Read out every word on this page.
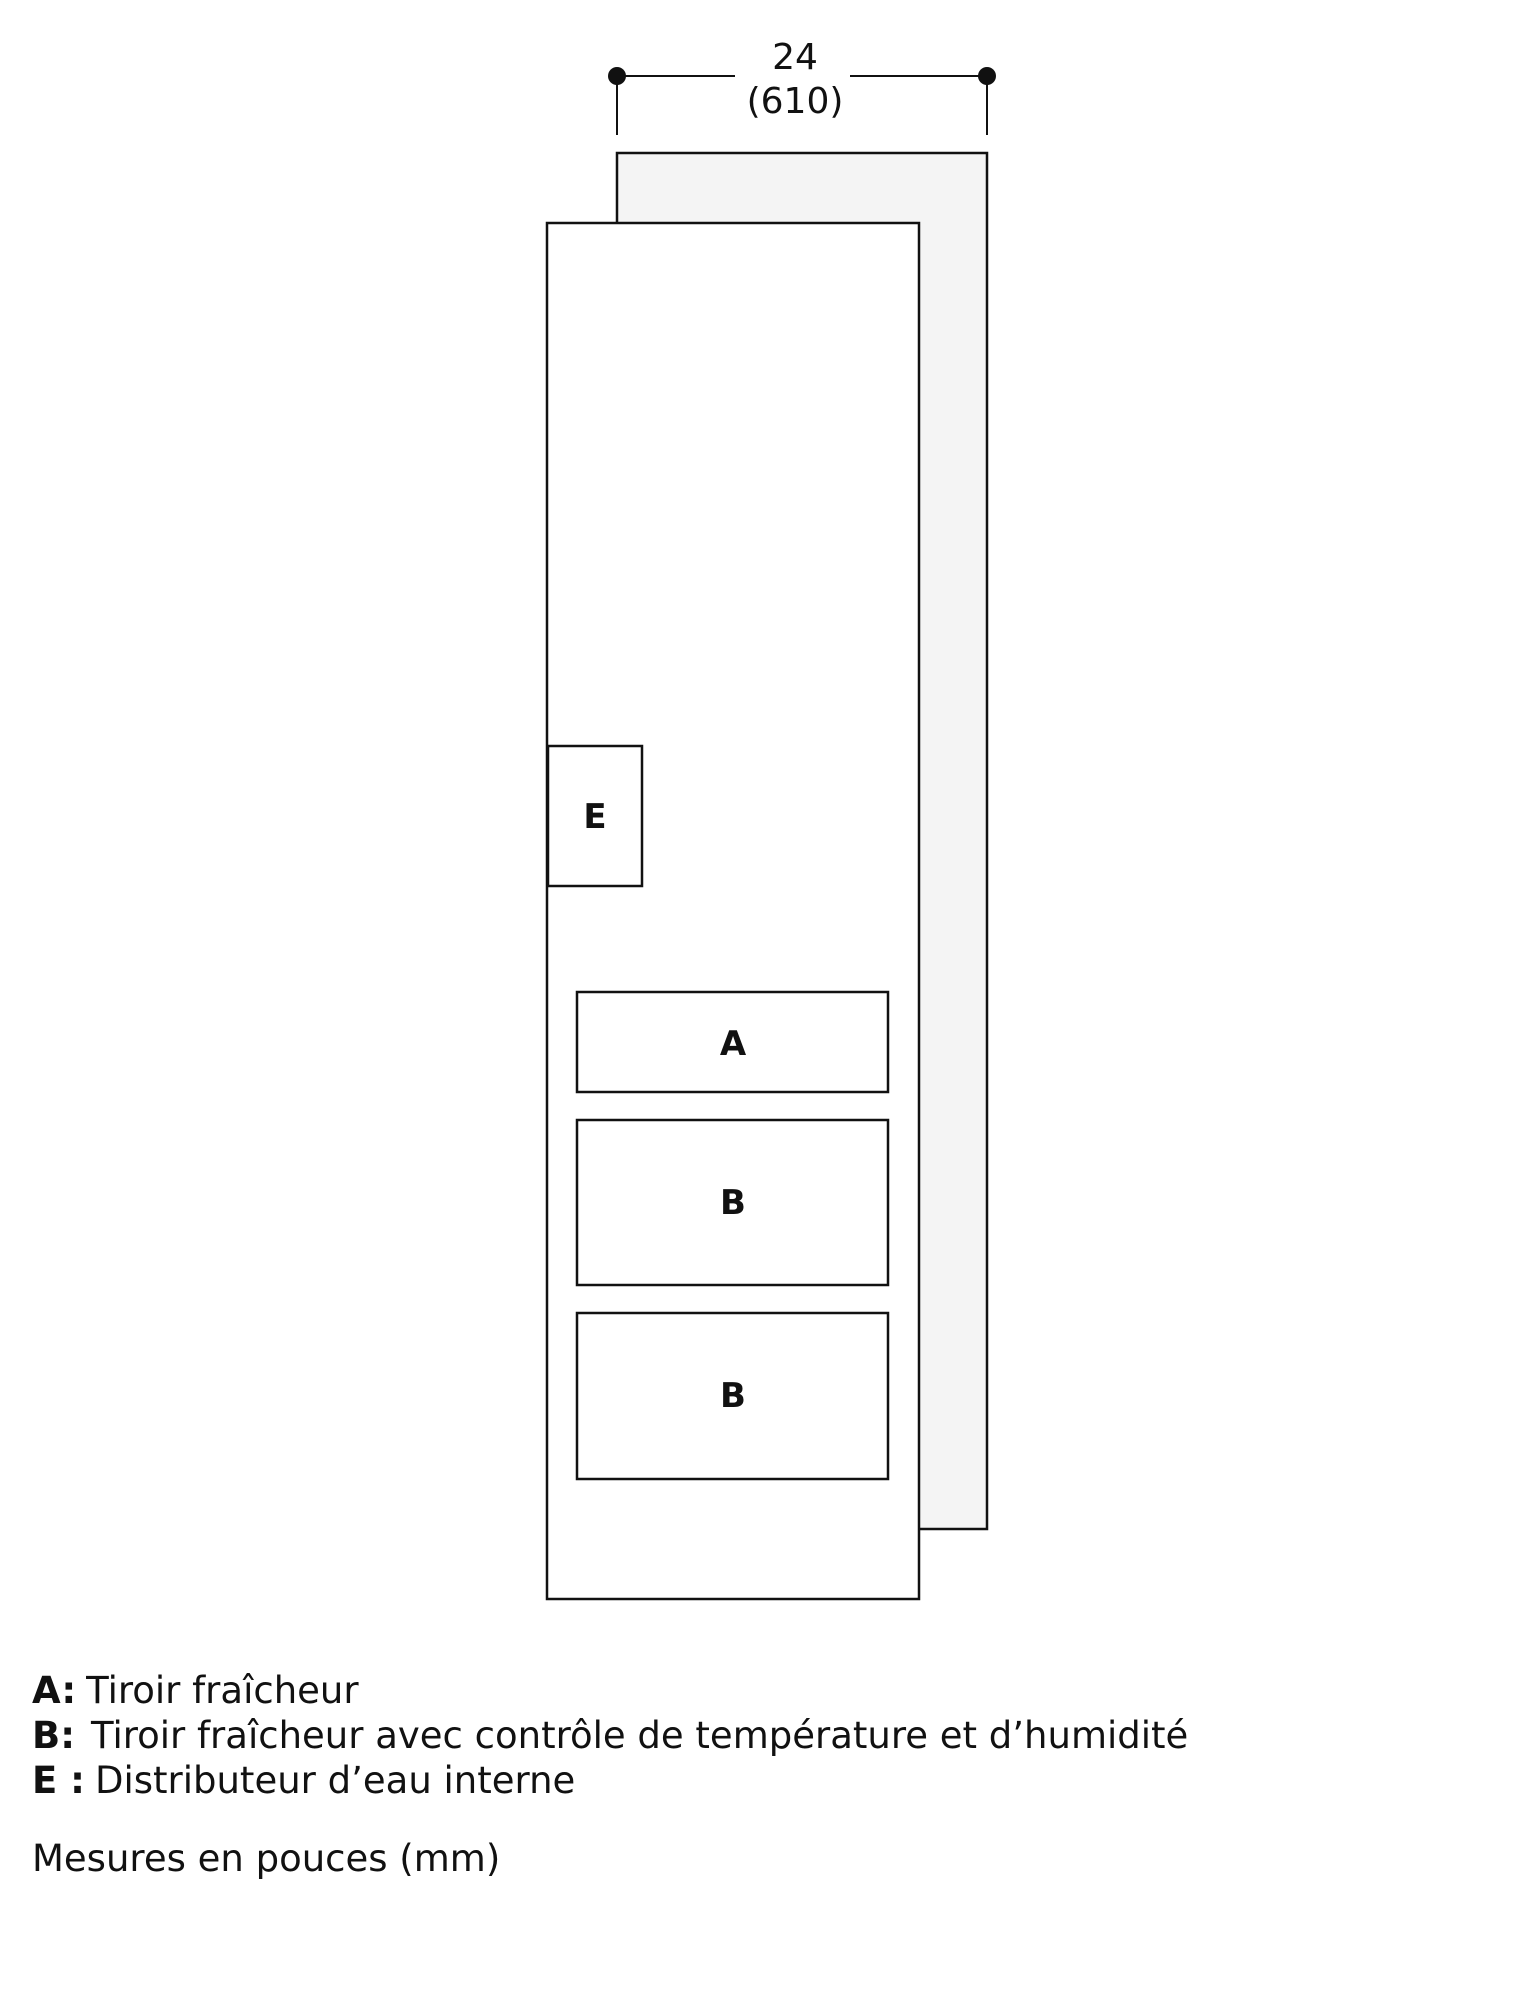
24
(610)
E
A
B
B
A: Tiroir fraîcheur
B: Tiroir fraîcheur avec contrôle de température et d’humidité
E : Distributeur d’eau interne
Mesures en pouces (mm)
